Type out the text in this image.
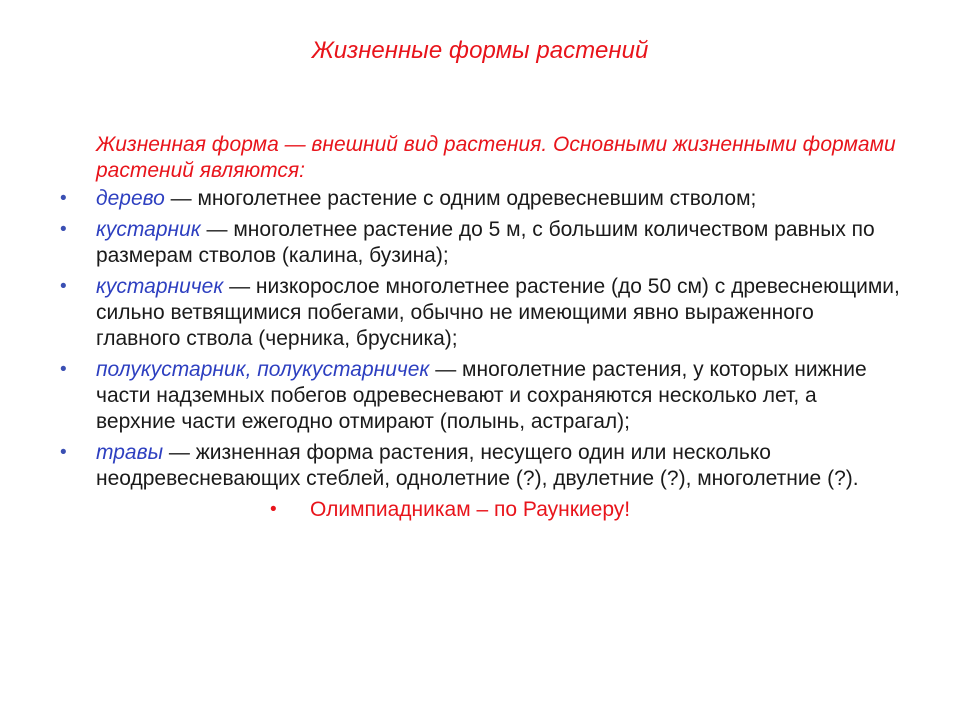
Жизненные формы растений
Жизненная форма — внешний вид растения. Основными жизненными формами растений являются:
•	дерево — многолетнее растение с одним одревесневшим стволом;
•	кустарник — многолетнее растение до 5 м, с большим количеством равных по размерам стволов (калина, бузина);
•	кустарничек — низкорослое многолетнее растение (до 50 см) с древеснеющими, сильно ветвящимися побегами, обычно не имеющими явно выраженного главного ствола (черника, брусника);
•	полукустарник, полукустарничек — многолетние растения, у которых нижние части надземных побегов одревесневают и сохраняются несколько лет, а верхние части ежегодно отмирают (полынь, астрагал);
•	травы — жизненная форма растения, несущего один или несколько неодревесневающих стеблей, однолетние (?), двулетние (?), многолетние (?).
•	Олимпиадникам – по Раункиеру!
